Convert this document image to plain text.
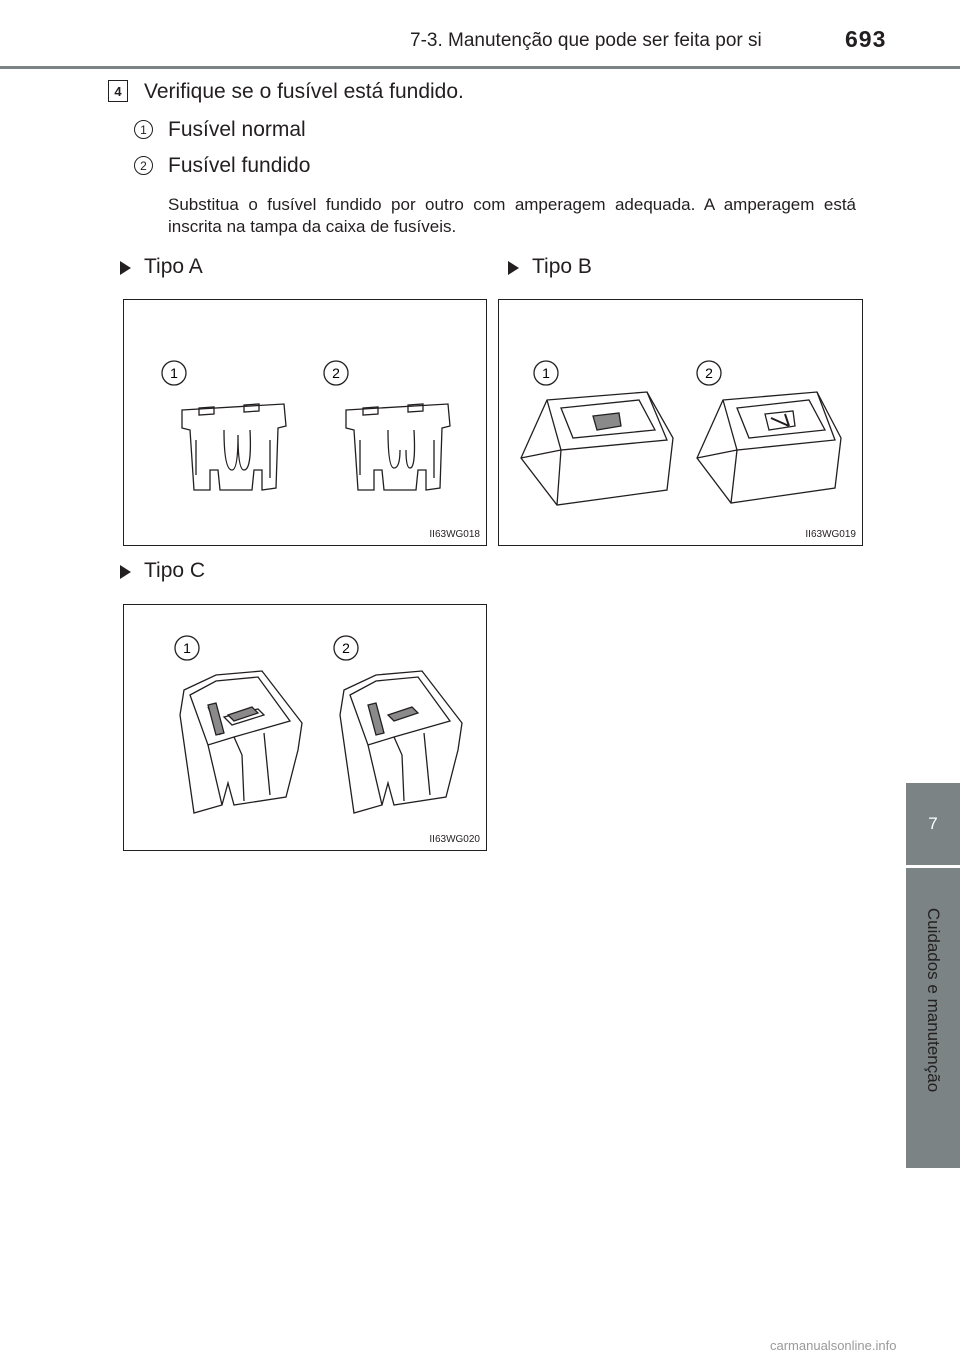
7-3. Manutenção que pode ser feita por si	693
7
Cuidados e manutenção
4	Verifique se o fusível está fundido.
1 Fusível normal
2 Fusível fundido
Substitua o fusível fundido por outro com amperagem adequada. A amperagem está inscrita na tampa da caixa de fusíveis.
Tipo A	Tipo B
Tipo C
1	2
II63WG018
1	2
II63WG019
1	2
II63WG020
carmanualsonline.info
